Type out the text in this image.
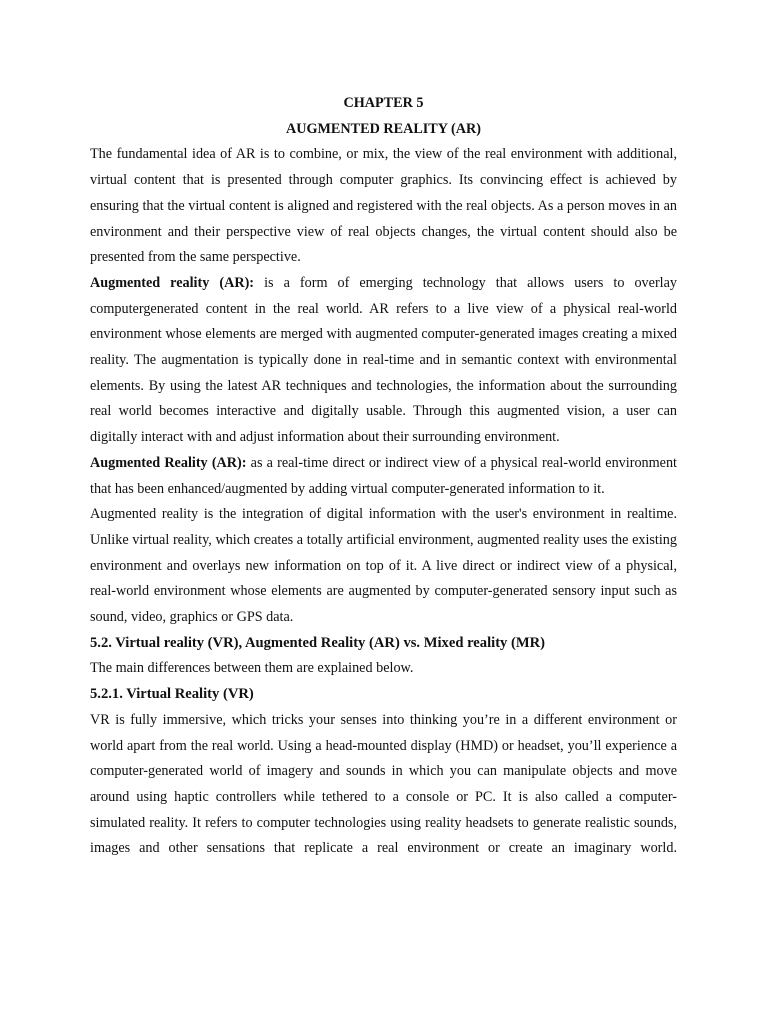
CHAPTER 5

AUGMENTED REALITY (AR)

The fundamental idea of AR is to combine, or mix, the view of the real environment with additional, virtual content that is presented through computer graphics. Its convincing effect is achieved by ensuring that the virtual content is aligned and registered with the real objects. As a person moves in an environment and their perspective view of real objects changes, the virtual content should also be presented from the same perspective.

Augmented reality (AR): is a form of emerging technology that allows users to overlay computergenerated content in the real world. AR refers to a live view of a physical real-world environment whose elements are merged with augmented computer-generated images creating a mixed reality. The augmentation is typically done in real-time and in semantic context with environmental elements. By using the latest AR techniques and technologies, the information about the surrounding real world becomes interactive and digitally usable. Through this augmented vision, a user can digitally interact with and adjust information about their surrounding environment.

Augmented Reality (AR): as a real-time direct or indirect view of a physical real-world environment that has been enhanced/augmented by adding virtual computer-generated information to it.

Augmented reality is the integration of digital information with the user's environment in realtime. Unlike virtual reality, which creates a totally artificial environment, augmented reality uses the existing environment and overlays new information on top of it. A live direct or indirect view of a physical, real-world environment whose elements are augmented by computer-generated sensory input such as sound, video, graphics or GPS data.

5.2. Virtual reality (VR), Augmented Reality (AR) vs. Mixed reality (MR)

The main differences between them are explained below.

5.2.1. Virtual Reality (VR)

VR is fully immersive, which tricks your senses into thinking you’re in a different environment or world apart from the real world. Using a head-mounted display (HMD) or headset, you’ll experience a computer-generated world of imagery and sounds in which you can manipulate objects and move around using haptic controllers while tethered to a console or PC. It is also called a computer-simulated reality. It refers to computer technologies using reality headsets to generate realistic sounds, images and other sensations that replicate a real environment or create an imaginary world.
